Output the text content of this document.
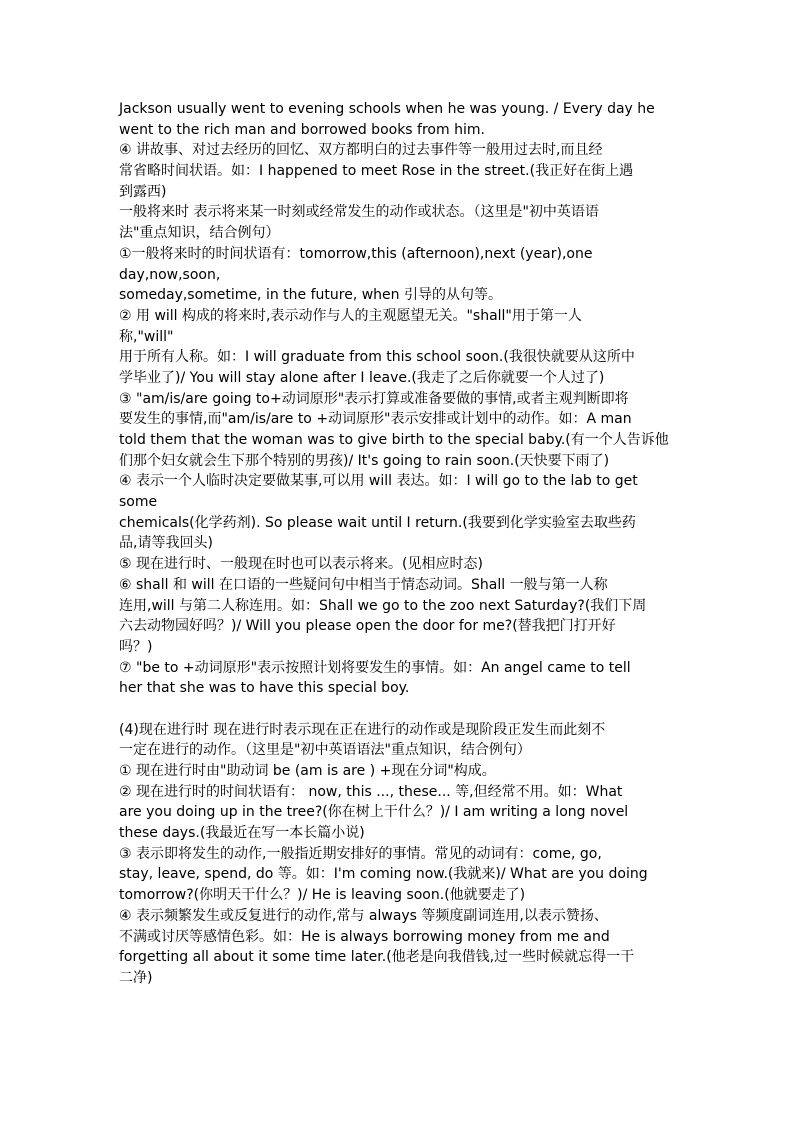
Jackson usually went to evening schools when he was young. / Every day he
went to the rich man and borrowed books from him.
④ 讲故事、对过去经历的回忆、双方都明白的过去事件等一般用过去时,而且经
常省略时间状语。如：I happened to meet Rose in the street.(我正好在街上遇
到露西)
一般将来时 表示将来某一时刻或经常发生的动作或状态。（这里是"初中英语语
法"重点知识，结合例句）
①一般将来时的时间状语有：tomorrow,this (afternoon),next (year),one
day,now,soon,
someday,sometime, in the future, when 引导的从句等。
② 用 will 构成的将来时,表示动作与人的主观愿望无关。"shall"用于第一人
称,"will"
用于所有人称。如：I will graduate from this school soon.(我很快就要从这所中
学毕业了)/ You will stay alone after I leave.(我走了之后你就要一个人过了)
③ "am/is/are going to+动词原形"表示打算或准备要做的事情,或者主观判断即将
要发生的事情,而"am/is/are to +动词原形"表示安排或计划中的动作。如：A man
told them that the woman was to give birth to the special baby.(有一个人告诉他
们那个妇女就会生下那个特别的男孩)/ It's going to rain soon.(天快要下雨了)
④ 表示一个人临时决定要做某事,可以用 will 表达。如：I will go to the lab to get
some
chemicals(化学药剂). So please wait until I return.(我要到化学实验室去取些药
品,请等我回头)
⑤ 现在进行时、一般现在时也可以表示将来。(见相应时态)
⑥ shall 和 will 在口语的一些疑问句中相当于情态动词。Shall 一般与第一人称
连用,will 与第二人称连用。如：Shall we go to the zoo next Saturday?(我们下周
六去动物园好吗？)/ Will you please open the door for me?(替我把门打开好
吗？)
⑦ "be to +动词原形"表示按照计划将要发生的事情。如：An angel came to tell
her that she was to have this special boy.
(4)现在进行时 现在进行时表示现在正在进行的动作或是现阶段正发生而此刻不
一定在进行的动作。（这里是"初中英语语法"重点知识，结合例句）
① 现在进行时由"助动词 be (am is are ) +现在分词"构成。
② 现在进行时的时间状语有： now, this ..., these... 等,但经常不用。如：What
are you doing up in the tree?(你在树上干什么？)/ I am writing a long novel
these days.(我最近在写一本长篇小说)
③ 表示即将发生的动作,一般指近期安排好的事情。常见的动词有：come, go,
stay, leave, spend, do 等。如：I'm coming now.(我就来)/ What are you doing
tomorrow?(你明天干什么？)/ He is leaving soon.(他就要走了)
④ 表示频繁发生或反复进行的动作,常与 always 等频度副词连用,以表示赞扬、
不满或讨厌等感情色彩。如：He is always borrowing money from me and
forgetting all about it some time later.(他老是向我借钱,过一些时候就忘得一干
二净)
